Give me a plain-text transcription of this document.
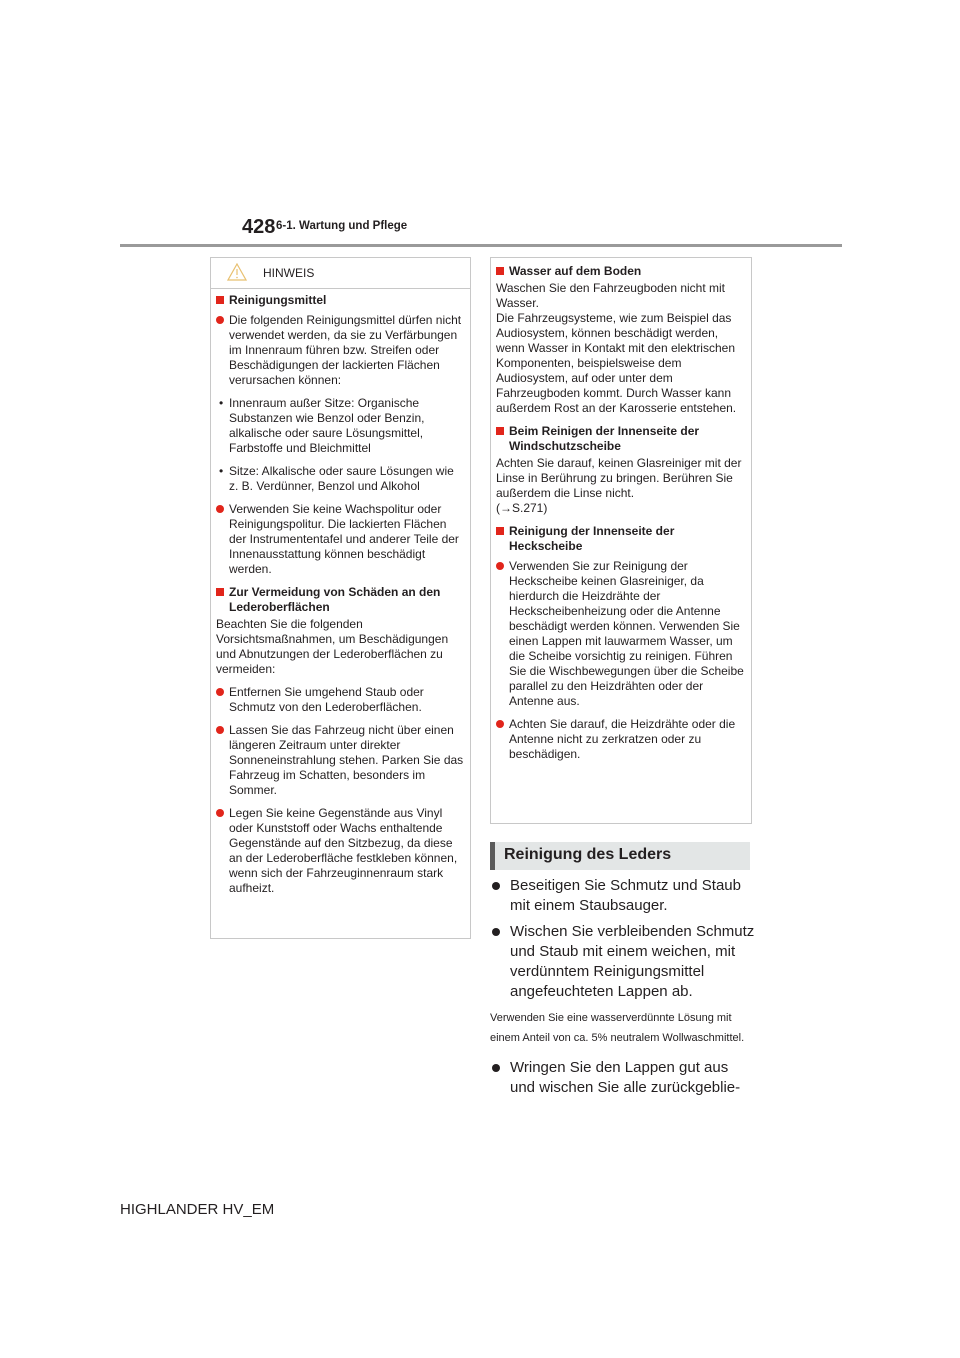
428 6-1. Wartung und Pflege
HINWEIS
Reinigungsmittel
Die folgenden Reinigungsmittel dürfen nicht verwendet werden, da sie zu Verfärbungen im Innenraum führen bzw. Streifen oder Beschädigungen der lackierten Flächen verursachen können:
• Innenraum außer Sitze: Organische Substanzen wie Benzol oder Benzin, alkalische oder saure Lösungsmittel, Farbstoffe und Bleichmittel
• Sitze: Alkalische oder saure Lösungen wie z. B. Verdünner, Benzol und Alkohol
Verwenden Sie keine Wachspolitur oder Reinigungspolitur. Die lackierten Flächen der Instrumententafel und anderer Teile der Innenausstattung können beschädigt werden.
Zur Vermeidung von Schäden an den Lederoberflächen
Beachten Sie die folgenden Vorsichtsmaßnahmen, um Beschädigungen und Abnutzungen der Lederoberflächen zu vermeiden:
Entfernen Sie umgehend Staub oder Schmutz von den Lederoberflächen.
Lassen Sie das Fahrzeug nicht über einen längeren Zeitraum unter direkter Sonneneinstrahlung stehen. Parken Sie das Fahrzeug im Schatten, besonders im Sommer.
Legen Sie keine Gegenstände aus Vinyl oder Kunststoff oder Wachs enthaltende Gegenstände auf den Sitzbezug, da diese an der Lederoberfläche festkleben können, wenn sich der Fahrzeuginnenraum stark aufheizt.
Wasser auf dem Boden
Waschen Sie den Fahrzeugboden nicht mit Wasser.
Die Fahrzeugsysteme, wie zum Beispiel das Audiosystem, können beschädigt werden, wenn Wasser in Kontakt mit den elektrischen Komponenten, beispielsweise dem Audiosystem, auf oder unter dem Fahrzeugboden kommt. Durch Wasser kann außerdem Rost an der Karosserie entstehen.
Beim Reinigen der Innenseite der Windschutzscheibe
Achten Sie darauf, keinen Glasreiniger mit der Linse in Berührung zu bringen. Berühren Sie außerdem die Linse nicht.
(→S.271)
Reinigung der Innenseite der Heckscheibe
Verwenden Sie zur Reinigung der Heckscheibe keinen Glasreiniger, da hierdurch die Heizdrähte der Heckscheibenheizung oder die Antenne beschädigt werden können. Verwenden Sie einen Lappen mit lauwarmem Wasser, um die Scheibe vorsichtig zu reinigen. Führen Sie die Wischbewegungen über die Scheibe parallel zu den Heizdrähten oder der Antenne aus.
Achten Sie darauf, die Heizdrähte oder die Antenne nicht zu zerkratzen oder zu beschädigen.
Reinigung des Leders
Beseitigen Sie Schmutz und Staub mit einem Staubsauger.
Wischen Sie verbleibenden Schmutz und Staub mit einem weichen, mit verdünntem Reinigungsmittel angefeuchteten Lappen ab.
Verwenden Sie eine wasserverdünnte Lösung mit einem Anteil von ca. 5% neutralem Wollwaschmittel.
Wringen Sie den Lappen gut aus und wischen Sie alle zurückgeblie-
HIGHLANDER HV_EM
